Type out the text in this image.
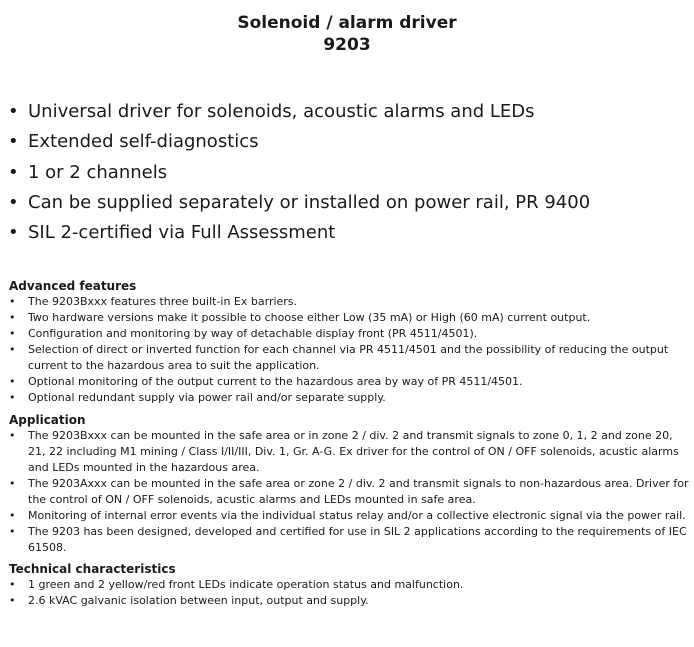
Solenoid / alarm driver
9203
• Universal driver for solenoids, acoustic alarms and LEDs
• Extended self-diagnostics
• 1 or 2 channels
• Can be supplied separately or installed on power rail, PR 9400
• SIL 2-certified via Full Assessment
Advanced features
• The 9203Bxxx features three built-in Ex barriers.
• Two hardware versions make it possible to choose either Low (35 mA) or High (60 mA) current output.
• Configuration and monitoring by way of detachable display front (PR 4511/4501).
• Selection of direct or inverted function for each channel via PR 4511/4501 and the possibility of reducing the output current to the hazardous area to suit the application.
• Optional monitoring of the output current to the hazardous area by way of PR 4511/4501.
• Optional redundant supply via power rail and/or separate supply.
Application
• The 9203Bxxx can be mounted in the safe area or in zone 2 / div. 2 and transmit signals to zone 0, 1, 2 and zone 20, 21, 22 including M1 mining / Class I/II/III, Div. 1, Gr. A-G. Ex driver for the control of ON / OFF solenoids, acustic alarms and LEDs mounted in the hazardous area.
• The 9203Axxx can be mounted in the safe area or zone 2 / div. 2 and transmit signals to non-hazardous area. Driver for the control of ON / OFF solenoids, acustic alarms and LEDs mounted in safe area.
• Monitoring of internal error events via the individual status relay and/or a collective electronic signal via the power rail.
• The 9203 has been designed, developed and certified for use in SIL 2 applications according to the requirements of IEC 61508.
Technical characteristics
• 1 green and 2 yellow/red front LEDs indicate operation status and malfunction.
• 2.6 kVAC galvanic isolation between input, output and supply.
